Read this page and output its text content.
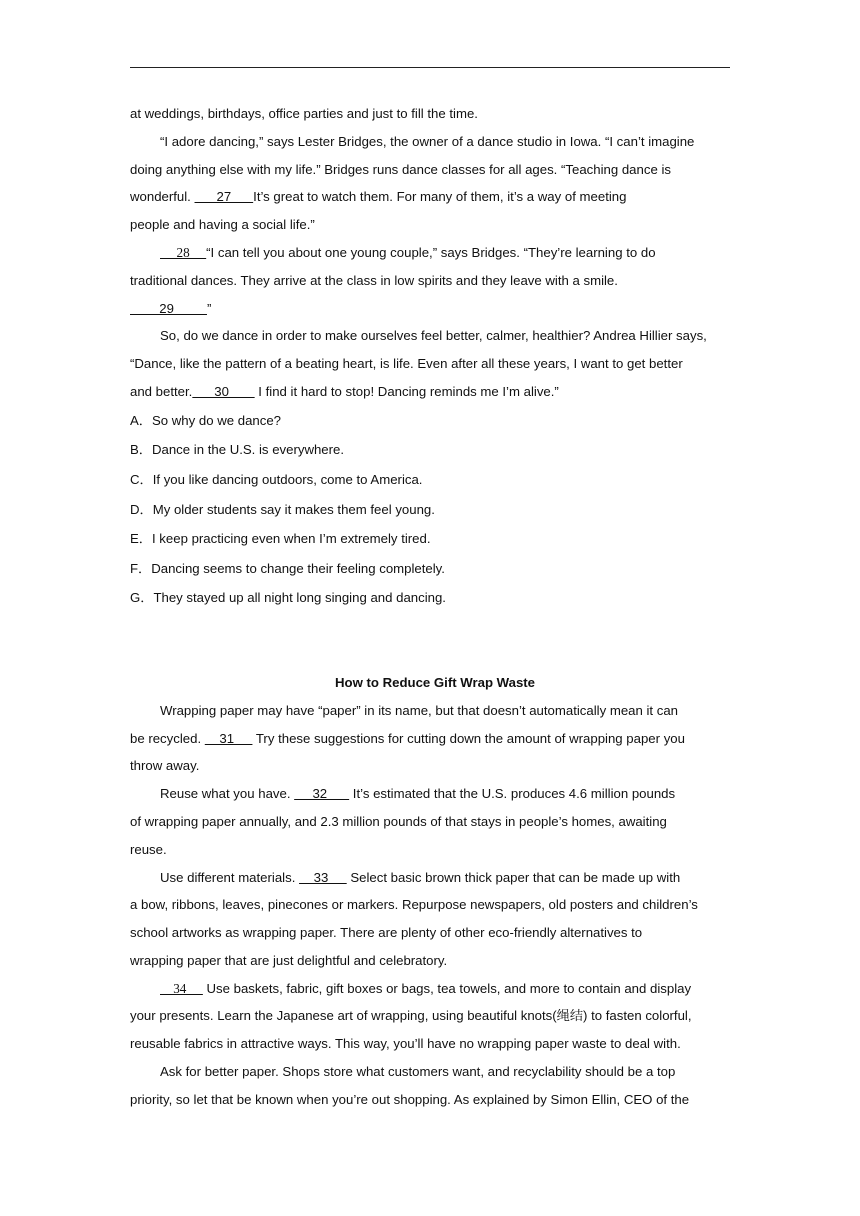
at weddings, birthdays, office parties and just to fill the time.
“I adore dancing,” says Lester Bridges, the owner of a dance studio in Iowa. “I can’t imagine
doing anything else with my life.” Bridges runs dance classes for all ages. “Teaching dance is
wonderful.       27      It’s great to watch them. For many of them, it’s a way of meeting
people and having a social life.”
28     “I can tell you about one young couple,” says Bridges. “They’re learning to do
traditional dances. They arrive at the class in low spirits and they leave with a smile.
29         ”
So, do we dance in order to make ourselves feel better, calmer, healthier? Andrea Hillier says,
“Dance, like the pattern of a beating heart, is life. Even after all these years, I want to get better
and better.      30        I find it hard to stop! Dancing reminds me I’m alive.”
A．So why do we dance?
B．Dance in the U.S. is everywhere.
C．If you like dancing outdoors, come to America.
D．My older students say it makes them feel young.
E．I keep practicing even when I’m extremely tired.
F．Dancing seems to change their feeling completely.
G．They stayed up all night long singing and dancing.
How to Reduce Gift Wrap Waste
Wrapping paper may have “paper” in its name, but that doesn’t automatically mean it can
be recycled.     31      Try these suggestions for cutting down the amount of wrapping paper you
throw away.
Reuse what you have.      32       It’s estimated that the U.S. produces 4.6 million pounds
of wrapping paper annually, and 2.3 million pounds of that stays in people’s homes, awaiting
reuse.
Use different materials.     33      Select basic brown thick paper that can be made up with
a bow, ribbons, leaves, pinecones or markers. Repurpose newspapers, old posters and children’s
school artworks as wrapping paper. There are plenty of other eco-friendly alternatives to
wrapping paper that are just delightful and celebratory.
34      Use baskets, fabric, gift boxes or bags, tea towels, and more to contain and display
your presents. Learn the Japanese art of wrapping, using beautiful knots(绳结) to fasten colorful,
reusable fabrics in attractive ways. This way, you’ll have no wrapping paper waste to deal with.
Ask for better paper. Shops store what customers want, and recyclability should be a top
priority, so let that be known when you’re out shopping. As explained by Simon Ellin, CEO of the
